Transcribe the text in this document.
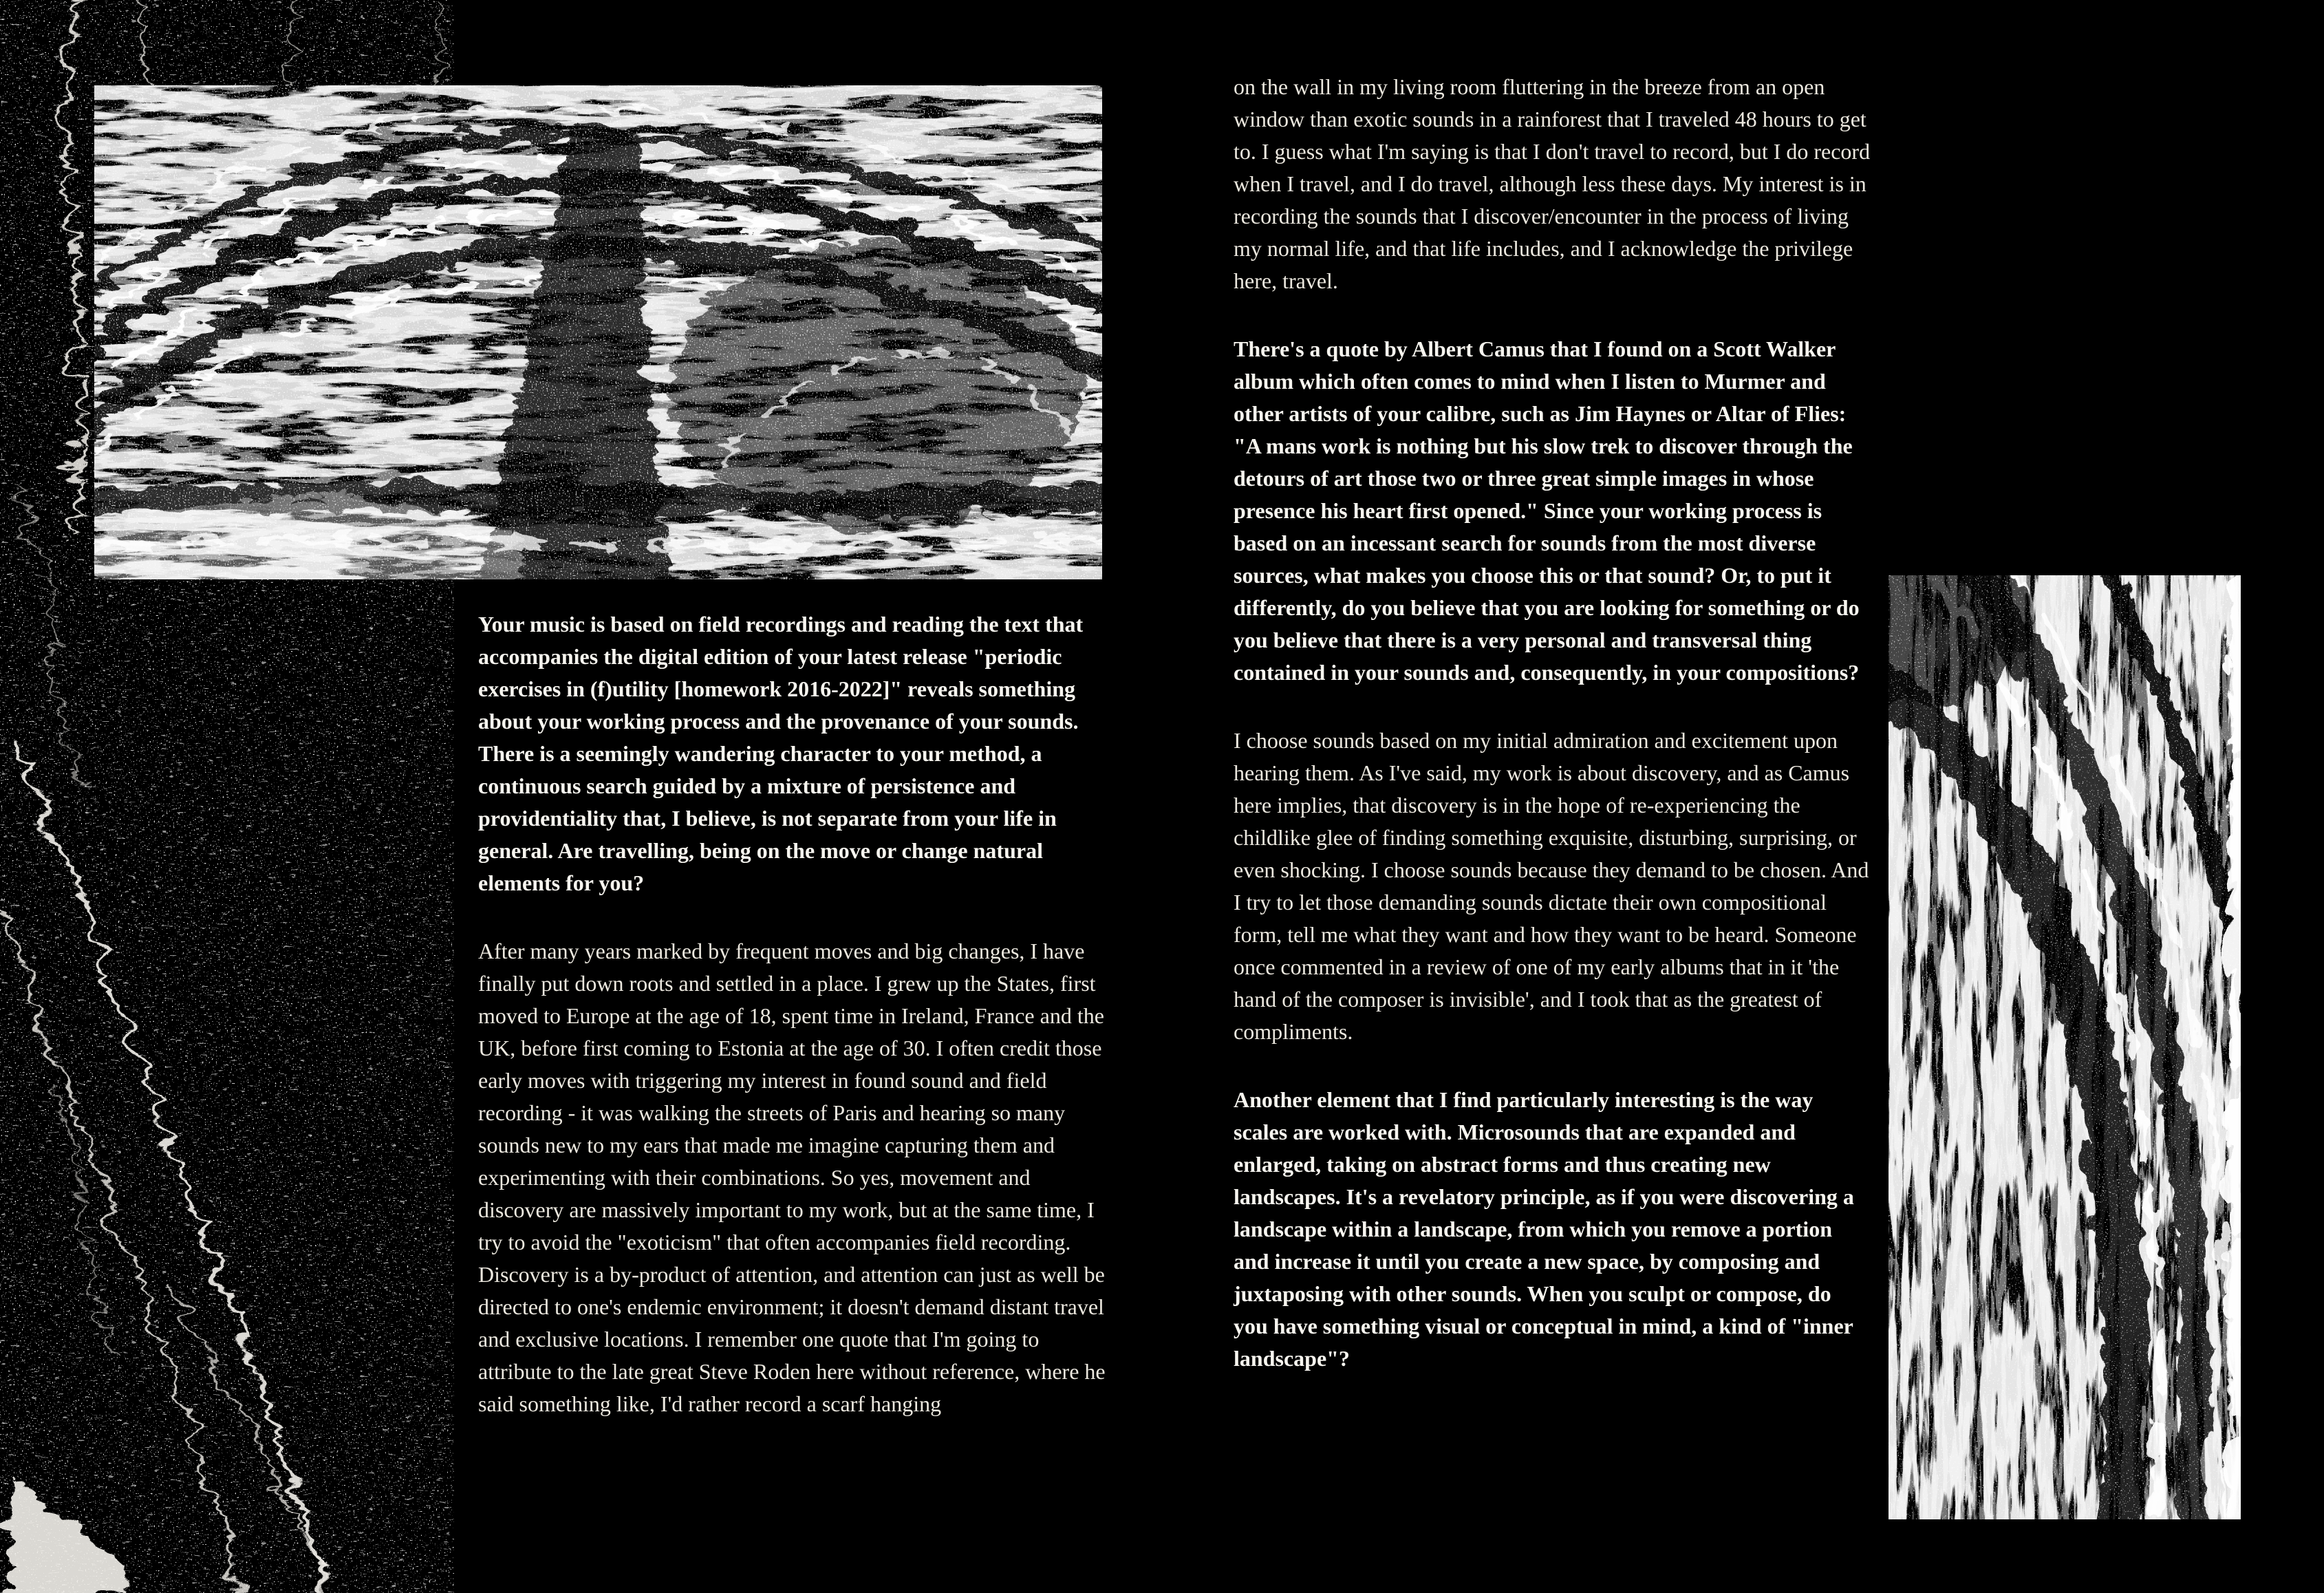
Your music is based on field recordings and reading the text that accompanies the digital edition of your latest release "periodic exercises in (f)utility [homework 2016-2022]" reveals something about your working process and the provenance of your sounds. There is a seemingly wandering character to your method, a continuous search guided by a mixture of persistence and providentiality that, I believe, is not separate from your life in general. Are travelling, being on the move or change natural elements for you?

After many years marked by frequent moves and big changes, I have finally put down roots and settled in a place. I grew up the States, first moved to Europe at the age of 18, spent time in Ireland, France and the UK, before first coming to Estonia at the age of 30. I often credit those early moves with triggering my interest in found sound and field recording - it was walking the streets of Paris and hearing so many sounds new to my ears that made me imagine capturing them and experimenting with their combinations. So yes, movement and discovery are massively important to my work, but at the same time, I try to avoid the "exoticism" that often accompanies field recording. Discovery is a by-product of attention, and attention can just as well be directed to one's endemic environment; it doesn't demand distant travel and exclusive locations. I remember one quote that I'm going to attribute to the late great Steve Roden here without reference, where he said something like, I'd rather record a scarf hanging

on the wall in my living room fluttering in the breeze from an open window than exotic sounds in a rainforest that I traveled 48 hours to get to. I guess what I'm saying is that I don't travel to record, but I do record when I travel, and I do travel, although less these days. My interest is in recording the sounds that I discover/encounter in the process of living my normal life, and that life includes, and I acknowledge the privilege here, travel.

There's a quote by Albert Camus that I found on a Scott Walker album which often comes to mind when I listen to Murmer and other artists of your calibre, such as Jim Haynes or Altar of Flies: "A mans work is nothing but his slow trek to discover through the detours of art those two or three great simple images in whose presence his heart first opened." Since your working process is based on an incessant search for sounds from the most diverse sources, what makes you choose this or that sound? Or, to put it differently, do you believe that you are looking for something or do you believe that there is a very personal and transversal thing contained in your sounds and, consequently, in your compositions?

I choose sounds based on my initial admiration and excitement upon hearing them. As I've said, my work is about discovery, and as Camus here implies, that discovery is in the hope of re-experiencing the childlike glee of finding something exquisite, disturbing, surprising, or even shocking. I choose sounds because they demand to be chosen. And I try to let those demanding sounds dictate their own compositional form, tell me what they want and how they want to be heard. Someone once commented in a review of one of my early albums that in it 'the hand of the composer is invisible', and I took that as the greatest of compliments.

Another element that I find particularly interesting is the way scales are worked with. Microsounds that are expanded and enlarged, taking on abstract forms and thus creating new landscapes. It's a revelatory principle, as if you were discovering a landscape within a landscape, from which you remove a portion and increase it until you create a new space, by composing and juxtaposing with other sounds. When you sculpt or compose, do you have something visual or conceptual in mind, a kind of "inner landscape"?
